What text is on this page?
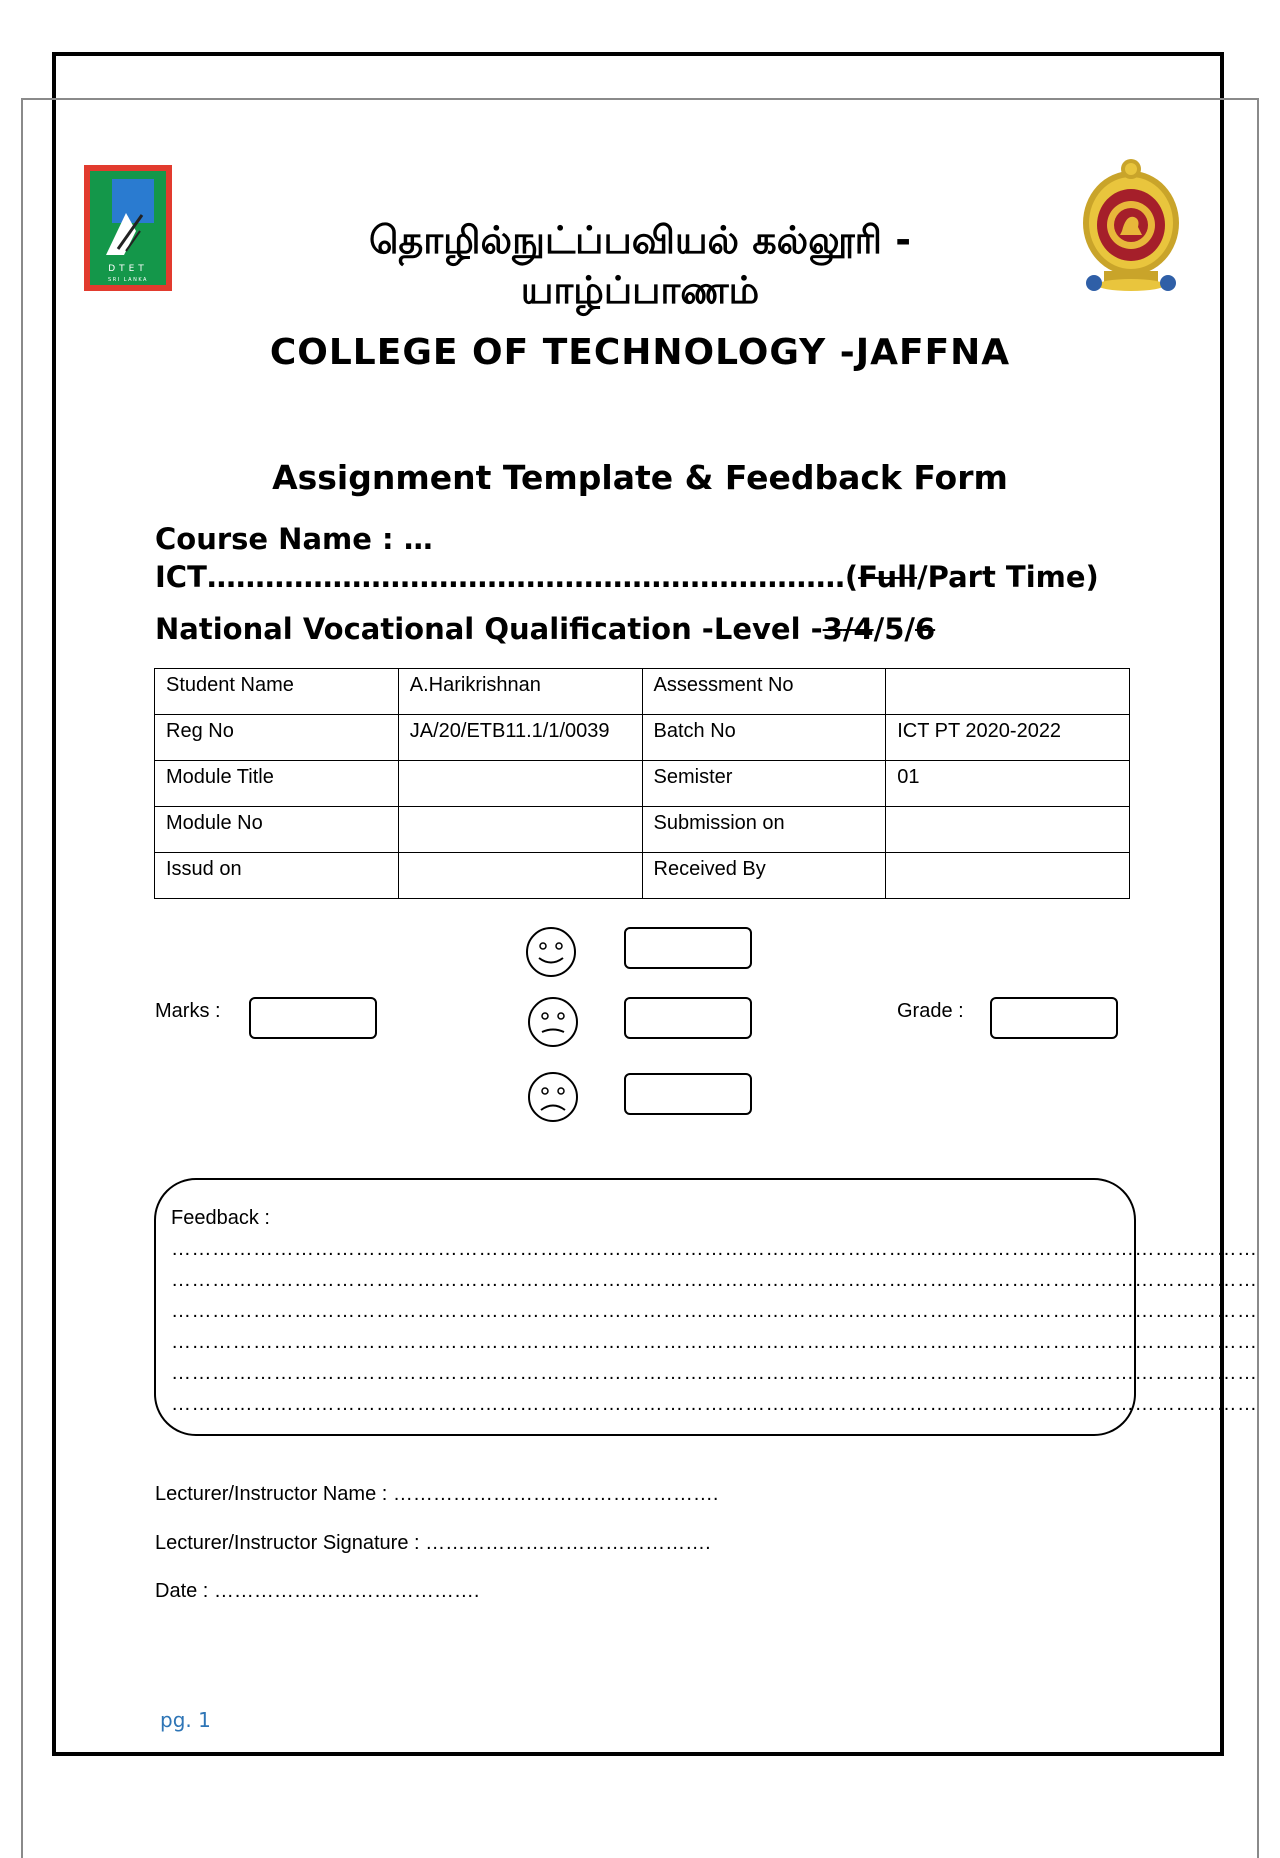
DTET
SRI LANKA
தொழில்நுட்ப்பவியல் கல்லூரி -
யாழ்ப்பாணம்
COLLEGE OF TECHNOLOGY -JAFFNA
Assignment Template & Feedback Form
Course Name : …
ICT…………………………………………………………(Full/Part Time)
National Vocational Qualification -Level -3/4/5/6
Student Name	A.Harikrishnan	Assessment No	
Reg No	JA/20/ETB11.1/1/0039	Batch No	ICT PT 2020-2022
Module Title		Semister	01
Module No		Submission on	
Issud on		Received By	
Marks :	Grade :
Feedback :
……………………………………………………………………………………………………………………………………………
……………………………………………………………………………………………………………………………………………
……………………………………………………………………………………………………………………………………………
……………………………………………………………………………………………………………………………………………
……………………………………………………………………………………………………………………………………………
……………………………………………………………………………………………………………………………………………
Lecturer/Instructor Name : ………………………………………….
Lecturer/Instructor Signature : …………………………………….
Date : ………………………………….
pg. 1
